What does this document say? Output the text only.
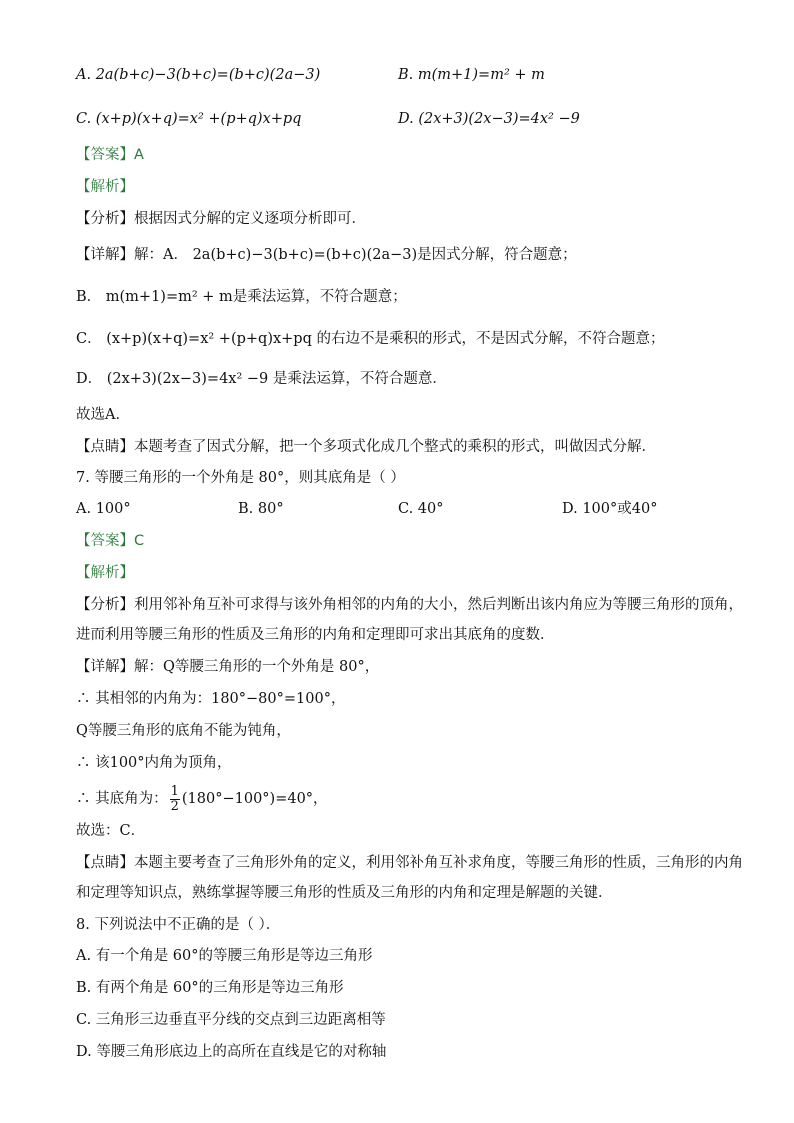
A. 2a(b+c)−3(b+c)=(b+c)(2a−3)	B. m(m+1)=m² + m
C. (x+p)(x+q)=x² +(p+q)x+pq	D. (2x+3)(2x−3)=4x² −9
【答案】A
【解析】
【分析】根据因式分解的定义逐项分析即可．
【详解】解：A． 2a(b+c)−3(b+c)=(b+c)(2a−3)是因式分解，符合题意；
B． m(m+1)=m² + m是乘法运算，不符合题意；
C． (x+p)(x+q)=x² +(p+q)x+pq 的右边不是乘积的形式，不是因式分解，不符合题意；
D． (2x+3)(2x−3)=4x² −9 是乘法运算，不符合题意．
故选A．
【点睛】本题考查了因式分解，把一个多项式化成几个整式的乘积的形式，叫做因式分解．
7. 等腰三角形的一个外角是 80°，则其底角是（ ）
A. 100°	B. 80°	C. 40°	D. 100°或40°
【答案】C
【解析】
【分析】利用邻补角互补可求得与该外角相邻的内角的大小，然后判断出该内角应为等腰三角形的顶角，
进而利用等腰三角形的性质及三角形的内角和定理即可求出其底角的度数．
【详解】解：Q等腰三角形的一个外角是 80°，
∴ 其相邻的内角为：180°−80°=100°，
Q等腰三角形的底角不能为钝角，
∴ 该100°内角为顶角，
∴ 其底角为： $\frac{1}{2} (180^\circ-100^\circ)=40^\circ$，
故选：C．
【点睛】本题主要考查了三角形外角的定义，利用邻补角互补求角度，等腰三角形的性质，三角形的内角
和定理等知识点，熟练掌握等腰三角形的性质及三角形的内角和定理是解题的关键．
8. 下列说法中不正确的是（ ）．
A. 有一个角是 60°的等腰三角形是等边三角形
B. 有两个角是 60°的三角形是等边三角形
C. 三角形三边垂直平分线的交点到三边距离相等
D. 等腰三角形底边上的高所在直线是它的对称轴
